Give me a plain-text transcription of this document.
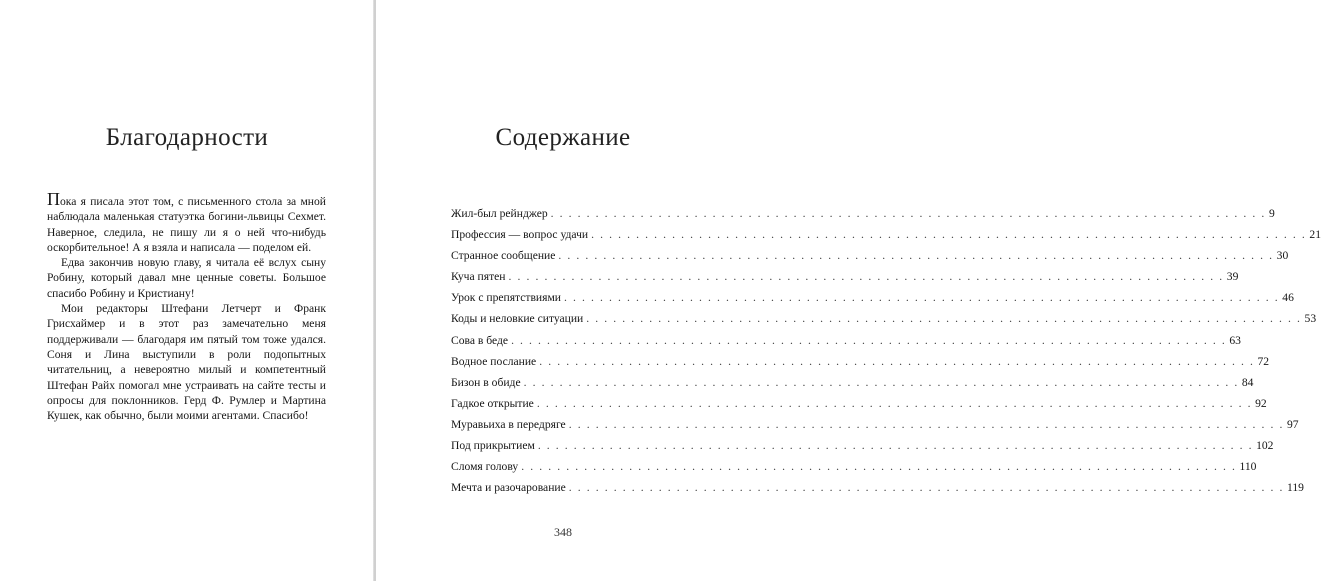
Благодарности

Пока я писала этот том, с письменного стола за мной наблюдала маленькая статуэтка богини-львицы Сехмет. Наверное, следила, не пишу ли я о ней что-нибудь оскорбительное! А я взяла и написала — поделом ей.

Едва закончив новую главу, я читала её вслух сыну Робину, который давал мне ценные советы. Большое спасибо Робину и Кристиану!

Мои редакторы Штефани Летчерт и Франк Грисхаймер и в этот раз замечательно меня поддерживали — благодаря им пятый том тоже удался. Соня и Лина выступили в роли подопытных читательниц, а невероятно милый и компетентный Штефан Райх помогал мне устраивать на сайте тесты и опросы для поклонников. Герд Ф. Румлер и Мартина Кушек, как обычно, были моими агентами. Спасибо!

Содержание
Жил-был рейнджер . . . . . . . . . . . . . . . . . . . . . . . . . . . . . . . . . . . . . . . . . . . . . . . . . . . . . . . . . . . . . . . . . . . . . . . . . . . . . . . . 9
Профессия — вопрос удачи . . . . . . . . . . . . . . . . . . . . . . . . . . . . . . . . . . . . . . . . . . . . . . . . . . . . . . . . . . . . . . . . . . . . . . . . . . . . . . . . 21
Странное сообщение . . . . . . . . . . . . . . . . . . . . . . . . . . . . . . . . . . . . . . . . . . . . . . . . . . . . . . . . . . . . . . . . . . . . . . . . . . . . . . . . 30
Куча пятен . . . . . . . . . . . . . . . . . . . . . . . . . . . . . . . . . . . . . . . . . . . . . . . . . . . . . . . . . . . . . . . . . . . . . . . . . . . . . . . . 39
Урок с препятствиями . . . . . . . . . . . . . . . . . . . . . . . . . . . . . . . . . . . . . . . . . . . . . . . . . . . . . . . . . . . . . . . . . . . . . . . . . . . . . . . . 46
Коды и неловкие ситуации . . . . . . . . . . . . . . . . . . . . . . . . . . . . . . . . . . . . . . . . . . . . . . . . . . . . . . . . . . . . . . . . . . . . . . . . . . . . . . . . 53
Сова в беде . . . . . . . . . . . . . . . . . . . . . . . . . . . . . . . . . . . . . . . . . . . . . . . . . . . . . . . . . . . . . . . . . . . . . . . . . . . . . . . . 63
Водное послание . . . . . . . . . . . . . . . . . . . . . . . . . . . . . . . . . . . . . . . . . . . . . . . . . . . . . . . . . . . . . . . . . . . . . . . . . . . . . . . . 72
Бизон в обиде . . . . . . . . . . . . . . . . . . . . . . . . . . . . . . . . . . . . . . . . . . . . . . . . . . . . . . . . . . . . . . . . . . . . . . . . . . . . . . . . 84
Гадкое открытие . . . . . . . . . . . . . . . . . . . . . . . . . . . . . . . . . . . . . . . . . . . . . . . . . . . . . . . . . . . . . . . . . . . . . . . . . . . . . . . . 92
Муравьиха в передряге . . . . . . . . . . . . . . . . . . . . . . . . . . . . . . . . . . . . . . . . . . . . . . . . . . . . . . . . . . . . . . . . . . . . . . . . . . . . . . . . 97
Под прикрытием . . . . . . . . . . . . . . . . . . . . . . . . . . . . . . . . . . . . . . . . . . . . . . . . . . . . . . . . . . . . . . . . . . . . . . . . . . . . . . . . 102
Сломя голову . . . . . . . . . . . . . . . . . . . . . . . . . . . . . . . . . . . . . . . . . . . . . . . . . . . . . . . . . . . . . . . . . . . . . . . . . . . . . . . . 110
Мечта и разочарование . . . . . . . . . . . . . . . . . . . . . . . . . . . . . . . . . . . . . . . . . . . . . . . . . . . . . . . . . . . . . . . . . . . . . . . . . . . . . . . . 119
348
